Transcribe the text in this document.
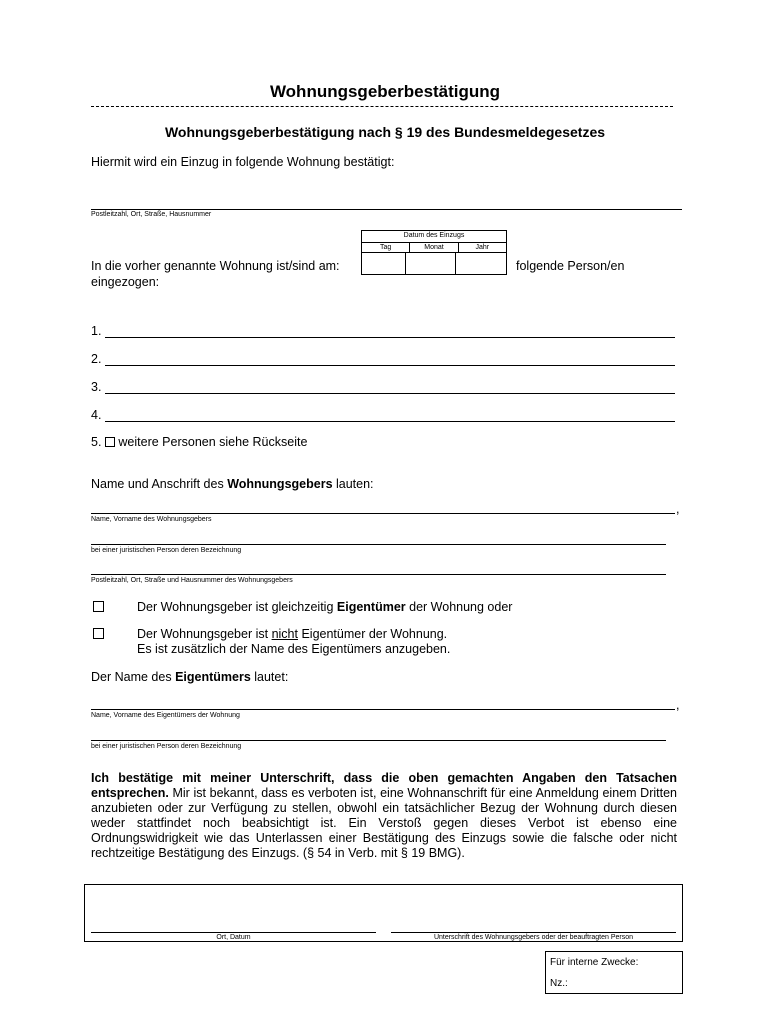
Wohnungsgeberbestätigung
Wohnungsgeberbestätigung nach § 19 des Bundesmeldegesetzes
Hiermit wird ein Einzug in folgende Wohnung bestätigt:
Postleitzahl, Ort, Straße, Hausnummer
Datum des Einzugs
Tag	Monat	Jahr
In die vorher genannte Wohnung ist/sind am:
eingezogen:
folgende Person/en
1.
2.
3.
4.
5. weitere Personen siehe Rückseite
Name und Anschrift des Wohnungsgebers lauten:
,
Name, Vorname des Wohnungsgebers
bei einer juristischen Person deren Bezeichnung
Postleitzahl, Ort, Straße und Hausnummer des Wohnungsgebers
Der Wohnungsgeber ist gleichzeitig Eigentümer der Wohnung oder
Der Wohnungsgeber ist nicht Eigentümer der Wohnung.
Es ist zusätzlich der Name des Eigentümers anzugeben.
Der Name des Eigentümers lautet:
,
Name, Vorname des Eigentümers der Wohnung
bei einer juristischen Person deren Bezeichnung
Ich bestätige mit meiner Unterschrift, dass die oben gemachten Angaben den Tatsachen entsprechen. Mir ist bekannt, dass es verboten ist, eine Wohnanschrift für eine Anmeldung einem Dritten anzubieten oder zur Verfügung zu stellen, obwohl ein tatsächlicher Bezug der Wohnung durch diesen weder stattfindet noch beabsichtigt ist. Ein Verstoß gegen dieses Verbot ist ebenso eine Ordnungswidrigkeit wie das Unterlassen einer Bestätigung des Einzugs sowie die falsche oder nicht rechtzeitige Bestätigung des Einzugs. (§ 54 in Verb. mit § 19 BMG).
Ort, Datum	Unterschrift des Wohnungsgebers oder der beauftragten Person
Für interne Zwecke:
Nz.:
